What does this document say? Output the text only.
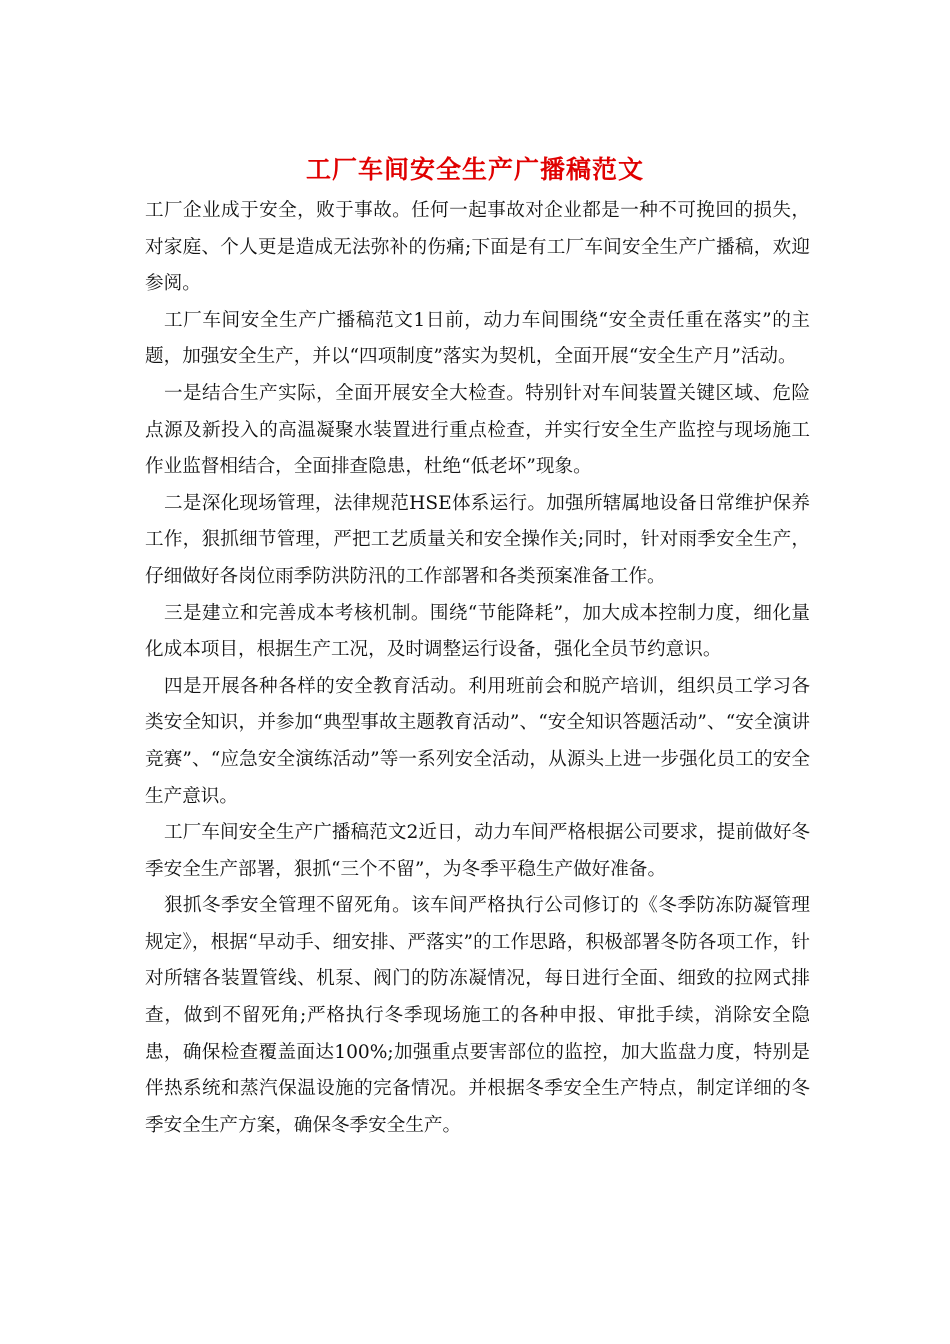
工厂车间安全生产广播稿范文

工厂企业成于安全，败于事故。任何一起事故对企业都是一种不可挽回的损失，对家庭、个人更是造成无法弥补的伤痛;下面是有工厂车间安全生产广播稿，欢迎参阅。

工厂车间安全生产广播稿范文1日前，动力车间围绕“安全责任重在落实”的主题，加强安全生产，并以“四项制度”落实为契机，全面开展“安全生产月”活动。

一是结合生产实际，全面开展安全大检查。特别针对车间装置关键区域、危险点源及新投入的高温凝聚水装置进行重点检查，并实行安全生产监控与现场施工作业监督相结合，全面排查隐患，杜绝“低老坏”现象。

二是深化现场管理，法律规范HSE体系运行。加强所辖属地设备日常维护保养工作，狠抓细节管理，严把工艺质量关和安全操作关;同时，针对雨季安全生产，仔细做好各岗位雨季防洪防汛的工作部署和各类预案准备工作。

三是建立和完善成本考核机制。围绕“节能降耗”，加大成本控制力度，细化量化成本项目，根据生产工况，及时调整运行设备，强化全员节约意识。

四是开展各种各样的安全教育活动。利用班前会和脱产培训，组织员工学习各类安全知识，并参加“典型事故主题教育活动”、“安全知识答题活动”、“安全演讲竞赛”、“应急安全演练活动”等一系列安全活动，从源头上进一步强化员工的安全生产意识。

工厂车间安全生产广播稿范文2近日，动力车间严格根据公司要求，提前做好冬季安全生产部署，狠抓“三个不留”，为冬季平稳生产做好准备。

狠抓冬季安全管理不留死角。该车间严格执行公司修订的《冬季防冻防凝管理规定》，根据“早动手、细安排、严落实”的工作思路，积极部署冬防各项工作，针对所辖各装置管线、机泵、阀门的防冻凝情况，每日进行全面、细致的拉网式排查，做到不留死角;严格执行冬季现场施工的各种申报、审批手续，消除安全隐患，确保检查覆盖面达100%;加强重点要害部位的监控，加大监盘力度，特别是伴热系统和蒸汽保温设施的完备情况。并根据冬季安全生产特点，制定详细的冬季安全生产方案，确保冬季安全生产。
